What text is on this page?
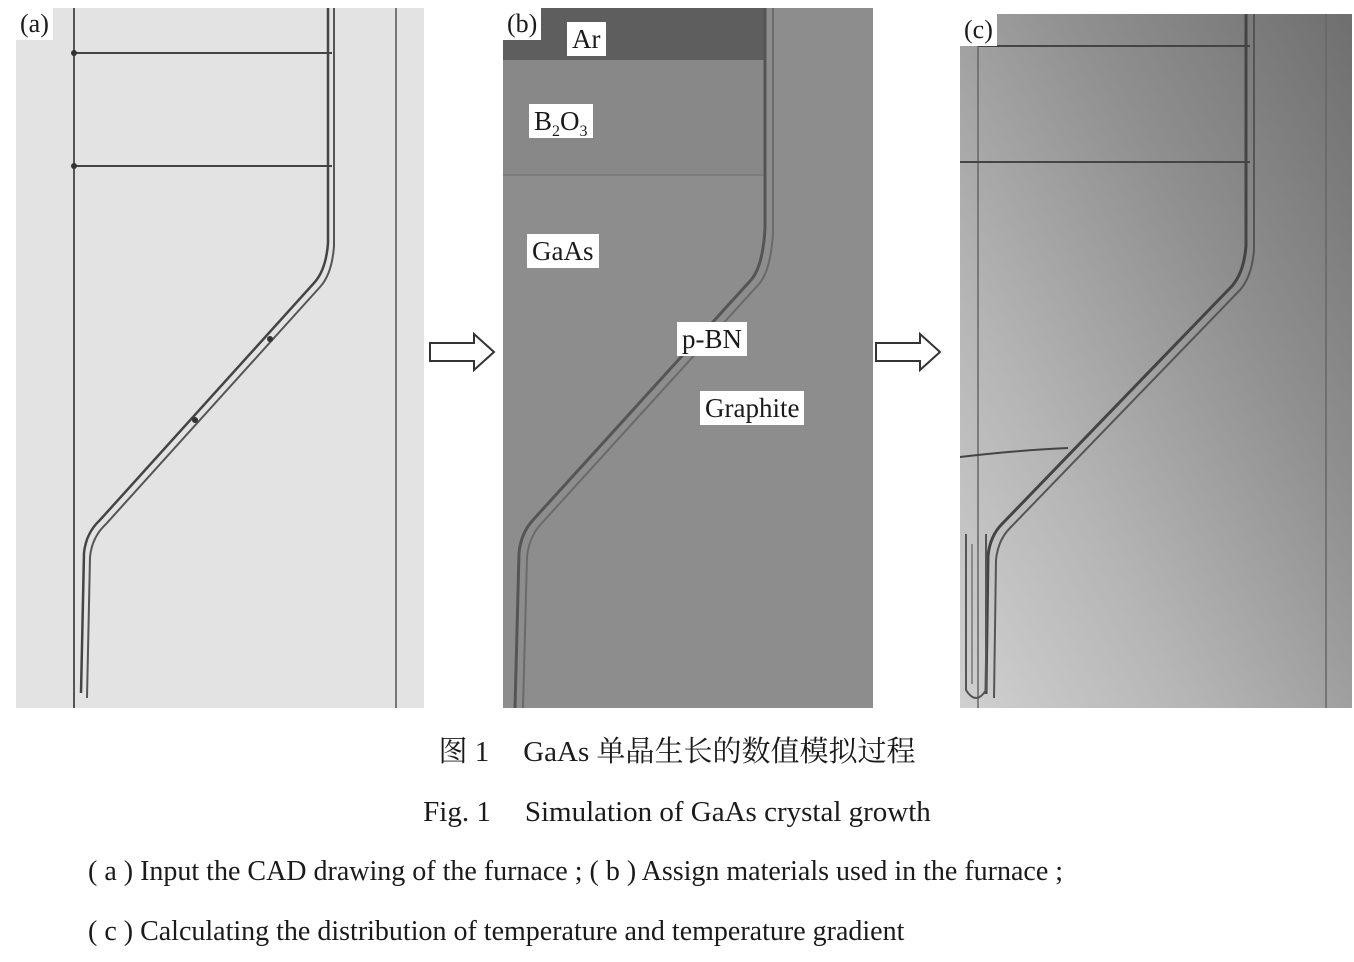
(a)	(b)
Ar
$B_2O_3$
GaAs
p-BN
Graphite
(c)
图 1 GaAs 单晶生长的数值模拟过程
Fig. 1 Simulation of GaAs crystal growth
( a ) Input the CAD drawing of the furnace ; ( b ) Assign materials used in the furnace ;
( c ) Calculating the distribution of temperature and temperature gradient
